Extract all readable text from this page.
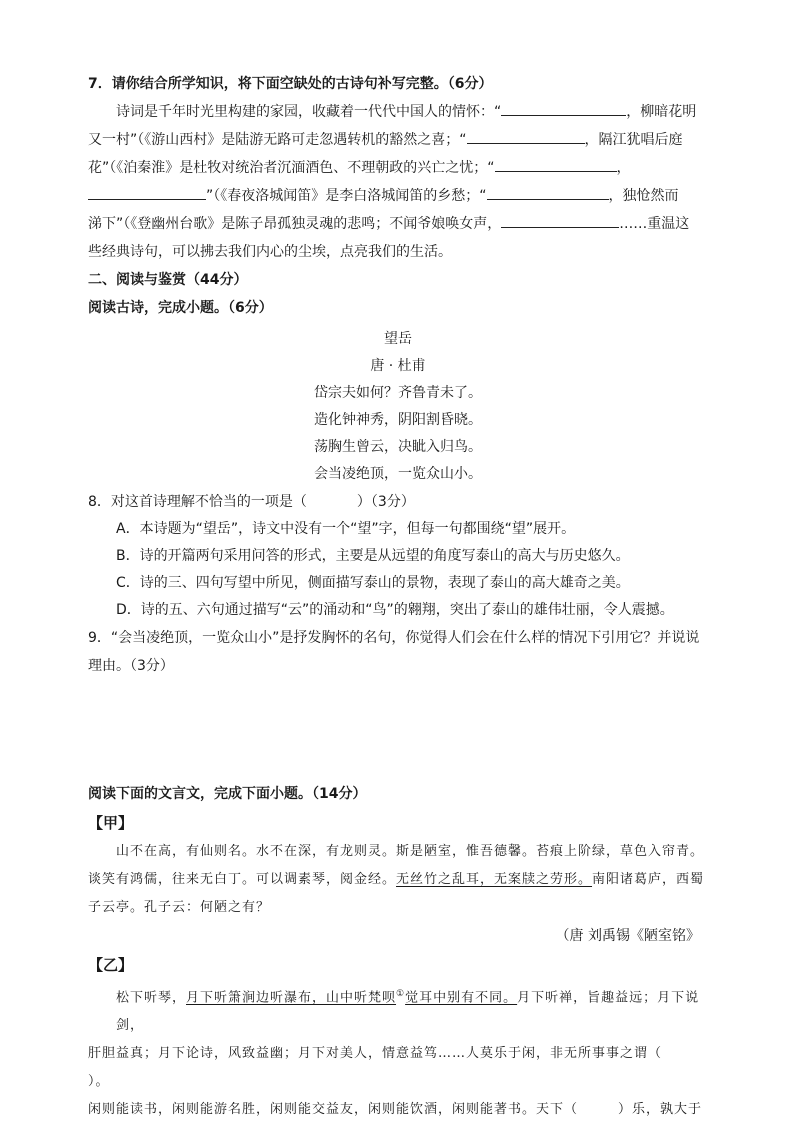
7．请你结合所学知识，将下面空缺处的古诗句补写完整。（6分）
诗词是千年时光里构建的家园，收藏着一代代中国人的情怀：“	，柳暗花明
又一村”（《游山西村》是陆游无路可走忽遇转机的豁然之喜；“	，隔江犹唱后庭
花”（《泊秦淮》是杜牧对统治者沉湎酒色、不理朝政的兴亡之忧；“	，
”（《春夜洛城闻笛》是李白洛城闻笛的乡愁；“	，独怆然而
涕下”（《登幽州台歌》是陈子昂孤独灵魂的悲鸣；不闻爷娘唤女声，	……重温这
些经典诗句，可以拂去我们内心的尘埃，点亮我们的生活。
二、阅读与鉴赏（44分）
阅读古诗，完成小题。（6分）
望岳
唐 · 杜甫
岱宗夫如何？齐鲁青未了。
造化钟神秀，阴阳割昏晓。
荡胸生曾云，决眦入归鸟。
会当凌绝顶，一览众山小。
8．对这首诗理解不恰当的一项是（	）（3分）
A．本诗题为“望岳”，诗文中没有一个“望”字，但每一句都围绕“望”展开。
B．诗的开篇两句采用问答的形式，主要是从远望的角度写泰山的高大与历史悠久。
C．诗的三、四句写望中所见，侧面描写泰山的景物，表现了泰山的高大雄奇之美。
D．诗的五、六句通过描写“云”的涌动和“鸟”的翱翔，突出了泰山的雄伟壮丽，令人震撼。
9．“会当凌绝顶，一览众山小”是抒发胸怀的名句，你觉得人们会在什么样的情况下引用它？并说说
理由。（3分）
阅读下面的文言文，完成下面小题。（14分）
【甲】
山不在高，有仙则名。水不在深，有龙则灵。斯是陋室，惟吾德馨。苔痕上阶绿，草色入帘青。
谈笑有鸿儒，往来无白丁。可以调素琴，阅金经。无丝竹之乱耳，无案牍之劳形。南阳诸葛庐，西蜀
子云亭。孔子云：何陋之有？
（唐 刘禹锡《陋室铭》
【乙】
松下听琴，月下听箫涧边听瀑布，山中听梵呗①觉耳中别有不同。月下听禅，旨趣益远；月下说剑，
肝胆益真；月下论诗，风致益幽；月下对美人，情意益笃……人莫乐于闲，非无所事事之谓（）。
闲则能读书，闲则能游名胜，闲则能交益友，闲则能饮酒，闲则能著书。天下（	）乐，孰大于
